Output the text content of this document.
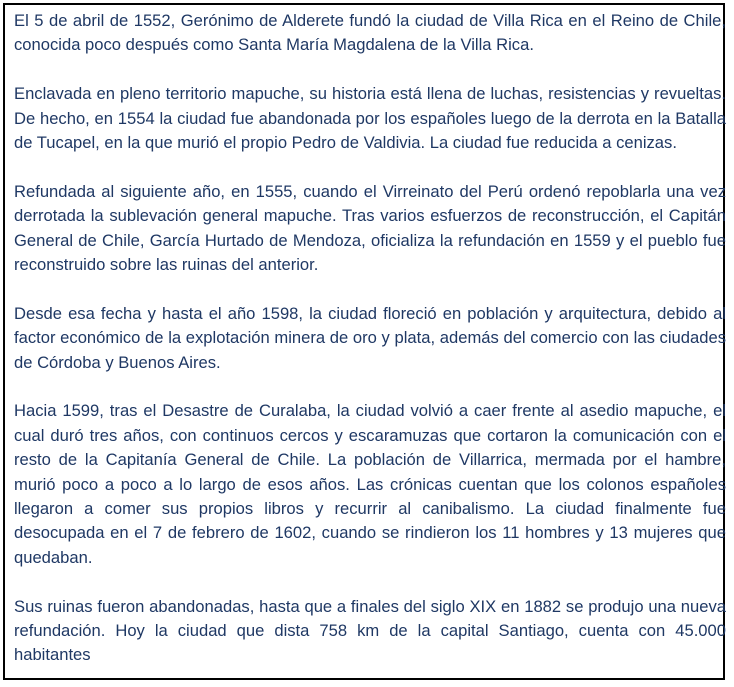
El 5 de abril de 1552, Gerónimo de Alderete fundó la ciudad de Villa Rica en el Reino de Chile, conocida poco después como Santa María Magdalena de la Villa Rica.

Enclavada en pleno territorio mapuche, su historia está llena de luchas, resistencias y revueltas. De hecho, en 1554 la ciudad fue abandonada por los españoles luego de la derrota en la Batalla de Tucapel, en la que murió el propio Pedro de Valdivia. La ciudad fue reducida a cenizas.

Refundada al siguiente año, en 1555, cuando el Virreinato del Perú ordenó repoblarla una vez derrotada la sublevación general mapuche. Tras varios esfuerzos de reconstrucción, el Capitán General de Chile, García Hurtado de Mendoza, oficializa la refundación en 1559 y el pueblo fue reconstruido sobre las ruinas del anterior.

Desde esa fecha y hasta el año 1598, la ciudad floreció en población y arquitectura, debido al factor económico de la explotación minera de oro y plata, además del comercio con las ciudades de Córdoba y Buenos Aires.

Hacia 1599, tras el Desastre de Curalaba, la ciudad volvió a caer frente al asedio mapuche, el cual duró tres años, con continuos cercos y escaramuzas que cortaron la comunicación con el resto de la Capitanía General de Chile. La población de Villarrica, mermada por el hambre, murió poco a poco a lo largo de esos años. Las crónicas cuentan que los colonos españoles llegaron a comer sus propios libros y recurrir al canibalismo. La ciudad finalmente fue desocupada en el 7 de febrero de 1602, cuando se rindieron los 11 hombres y 13 mujeres que quedaban.

Sus ruinas fueron abandonadas, hasta que a finales del siglo XIX en 1882 se produjo una nueva refundación. Hoy la ciudad que dista 758 km de la capital Santiago, cuenta con 45.000 habitantes
